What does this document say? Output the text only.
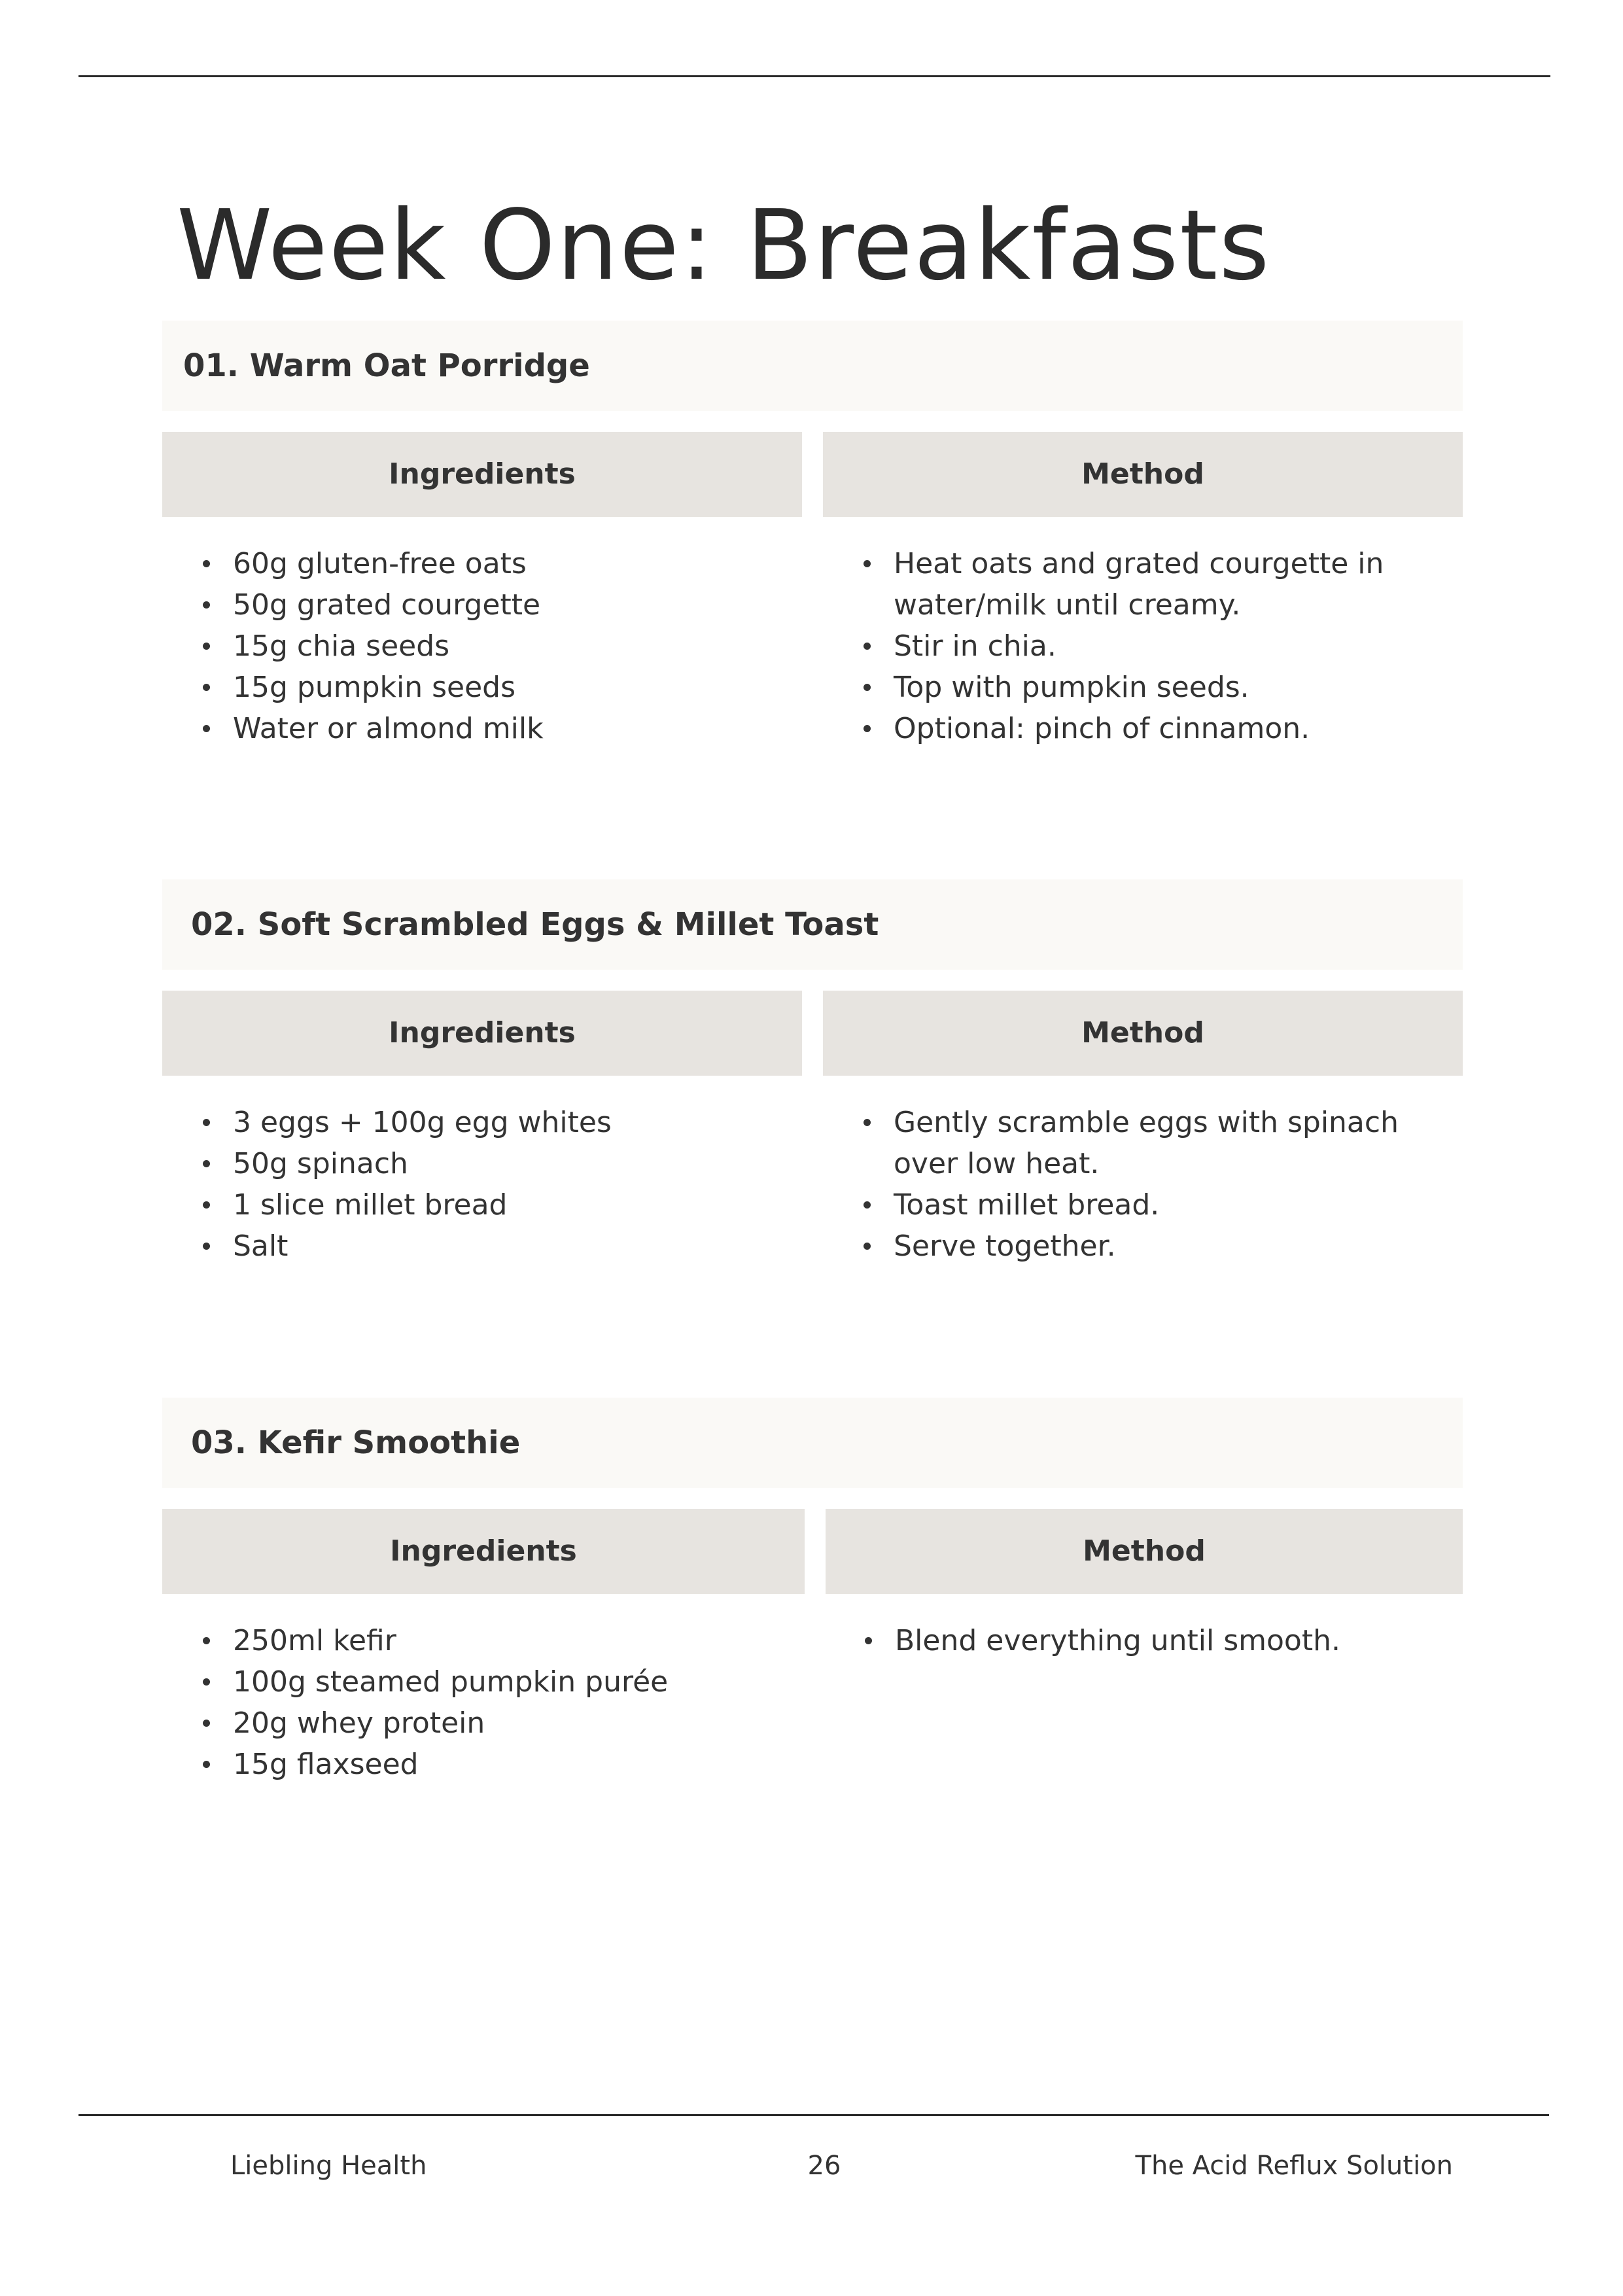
Week One: Breakfasts
01. Warm Oat Porridge
Ingredients	Method
60g gluten-free oats
50g grated courgette
15g chia seeds
15g pumpkin seeds
Water or almond milk
Heat oats and grated courgette in water/milk until creamy.
Stir in chia.
Top with pumpkin seeds.
Optional: pinch of cinnamon.
02. Soft Scrambled Eggs & Millet Toast
Ingredients	Method
3 eggs + 100g egg whites
50g spinach
1 slice millet bread
Salt
Gently scramble eggs with spinach over low heat.
Toast millet bread.
Serve together.
03. Kefir Smoothie
Ingredients	Method
250ml kefir
100g steamed pumpkin purée
20g whey protein
15g flaxseed
Blend everything until smooth.
Liebling Health	26	The Acid Reflux Solution
